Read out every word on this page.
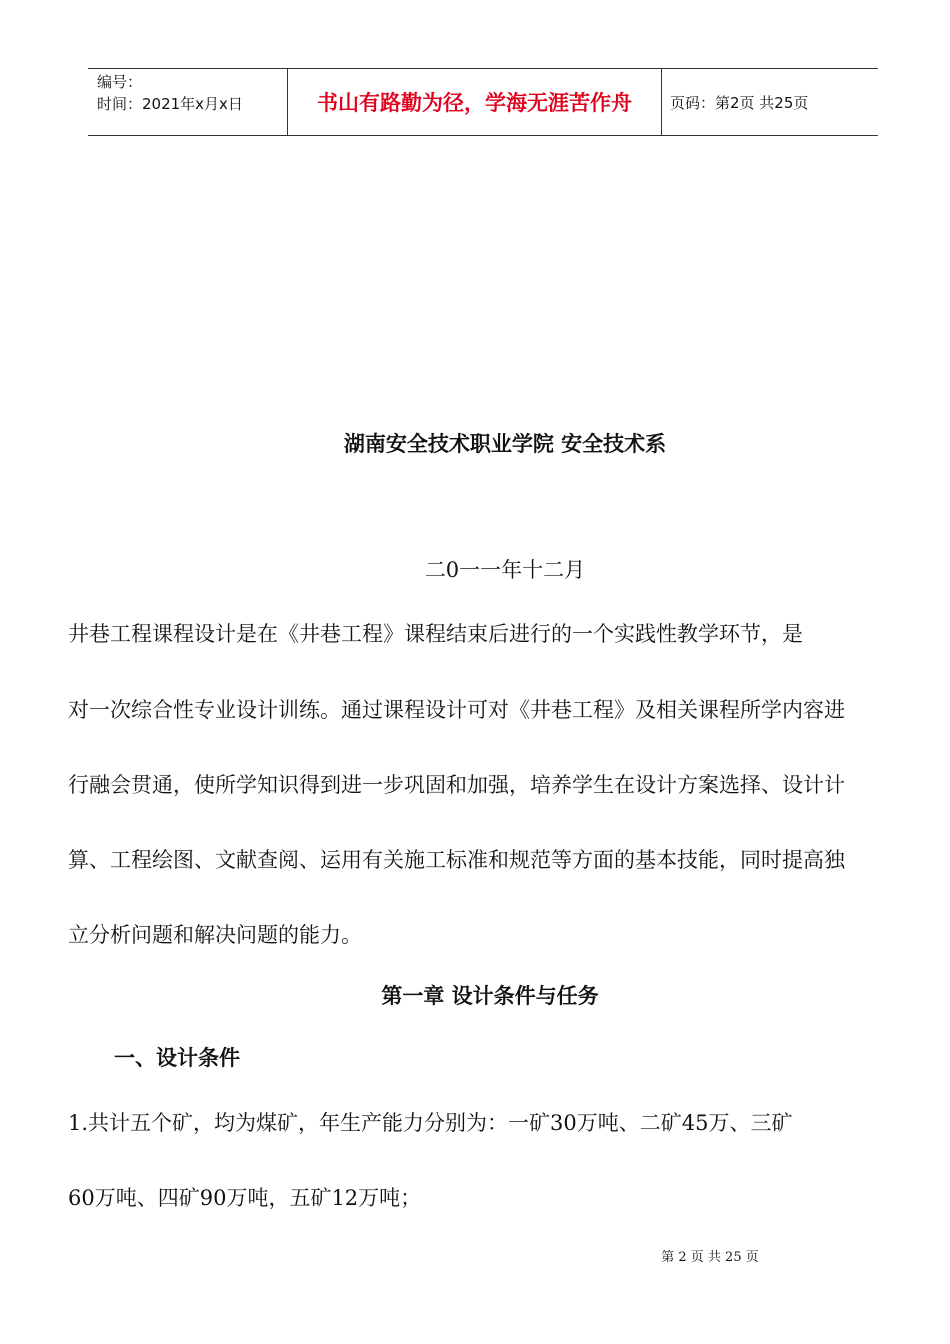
编号：
时间：2021年x月x日	书山有路勤为径，学海无涯苦作舟	页码：第2页 共25页
湖南安全技术职业学院 安全技术系
二0一一年十二月
井巷工程课程设计是在《井巷工程》课程结束后进行的一个实践性教学环节，是
对一次综合性专业设计训练。通过课程设计可对《井巷工程》及相关课程所学内容进
行融会贯通，使所学知识得到进一步巩固和加强，培养学生在设计方案选择、设计计
算、工程绘图、文献查阅、运用有关施工标准和规范等方面的基本技能，同时提高独
立分析问题和解决问题的能力。
第一章 设计条件与任务
一、设计条件
1.共计五个矿，均为煤矿，年生产能力分别为：一矿30万吨、二矿45万、三矿
60万吨、四矿90万吨，五矿12万吨；
第 2 页 共 25 页
